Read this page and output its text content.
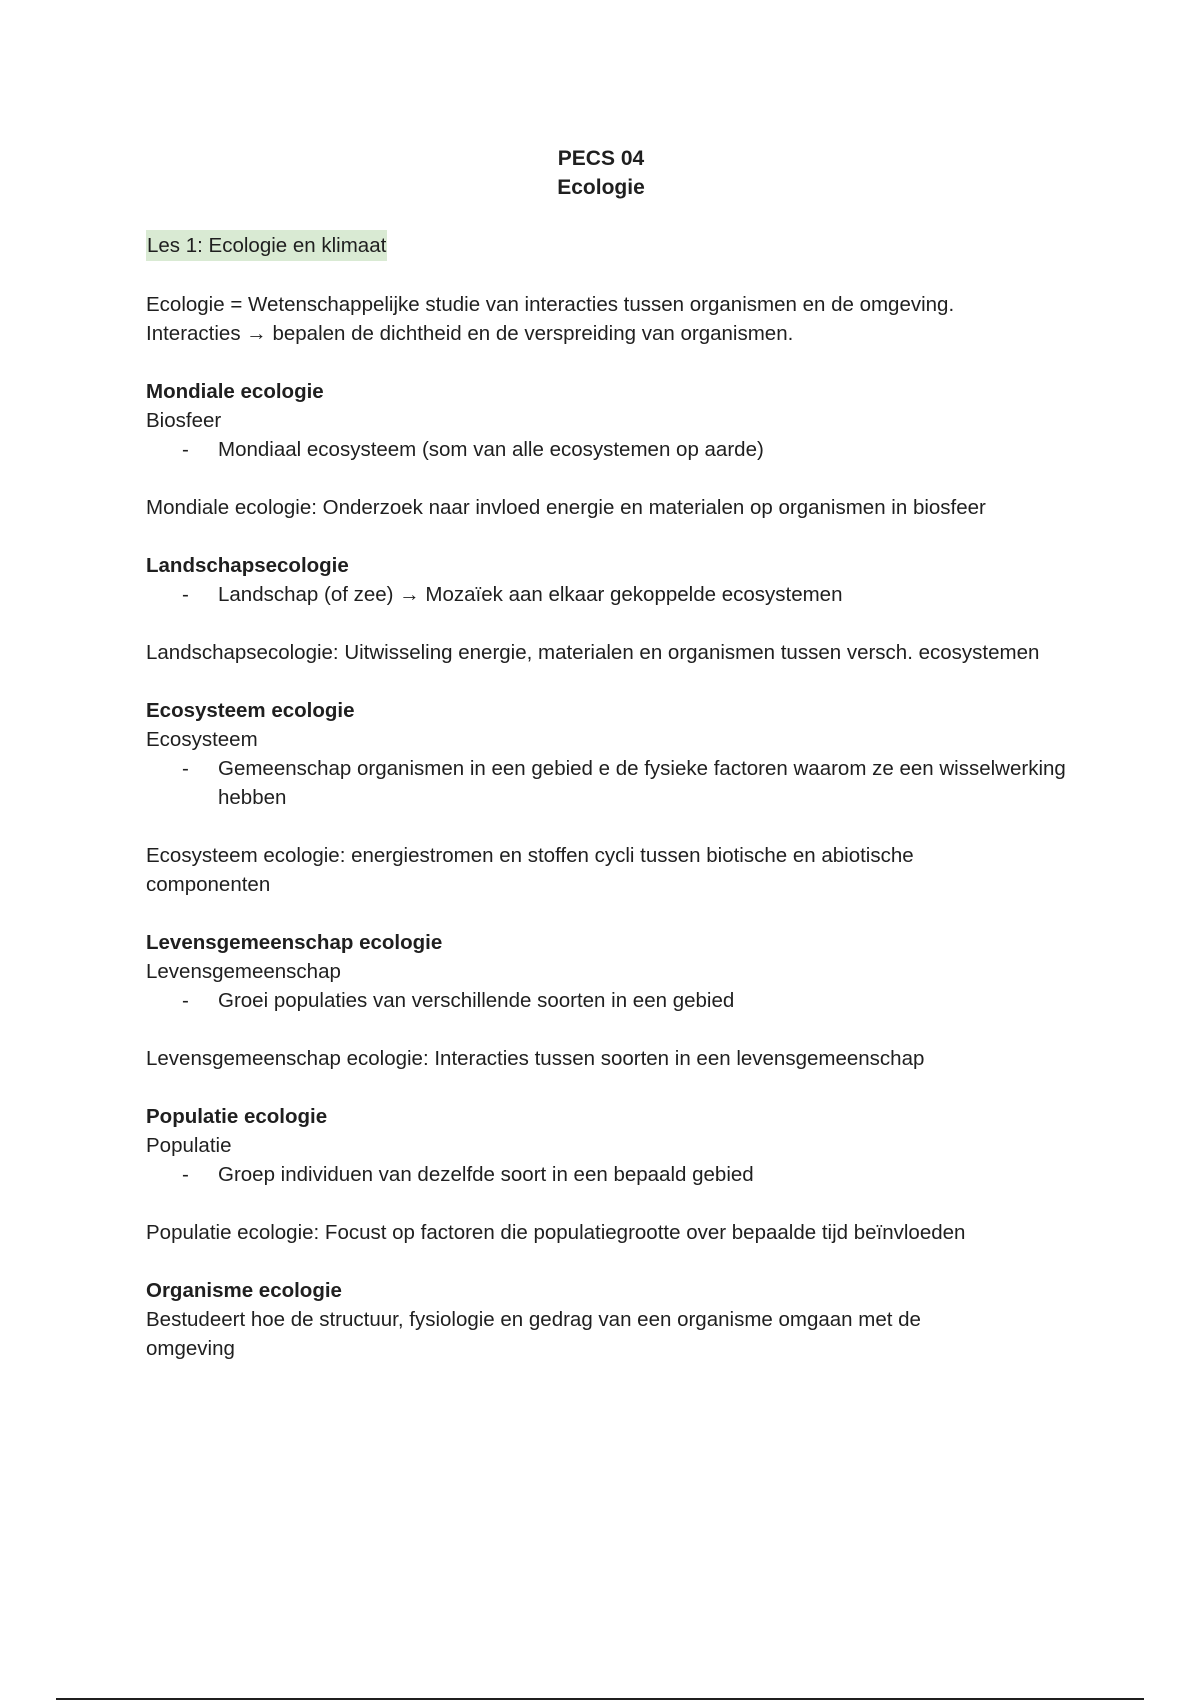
PECS 04
Ecologie

Les 1: Ecologie en klimaat

Ecologie = Wetenschappelijke studie van interacties tussen organismen en de omgeving.

Interacties → bepalen de dichtheid en de verspreiding van organismen.

Mondiale ecologie

Biosfeer

- Mondiaal ecosysteem (som van alle ecosystemen op aarde)

Mondiale ecologie: Onderzoek naar invloed energie en materialen op organismen in biosfeer

Landschapsecologie

- Landschap (of zee) → Mozaïek aan elkaar gekoppelde ecosystemen

Landschapsecologie: Uitwisseling energie, materialen en organismen tussen versch. ecosystemen

Ecosysteem ecologie

Ecosysteem

- Gemeenschap organismen in een gebied e de fysieke factoren waarom ze een wisselwerking hebben

Ecosysteem ecologie: energiestromen en stoffen cycli tussen biotische en abiotische componenten

Levensgemeenschap ecologie

Levensgemeenschap

- Groei populaties van verschillende soorten in een gebied

Levensgemeenschap ecologie: Interacties tussen soorten in een levensgemeenschap

Populatie ecologie

Populatie

- Groep individuen van dezelfde soort in een bepaald gebied

Populatie ecologie: Focust op factoren die populatiegrootte over bepaalde tijd beïnvloeden

Organisme ecologie

Bestudeert hoe de structuur, fysiologie en gedrag van een organisme omgaan met de omgeving
